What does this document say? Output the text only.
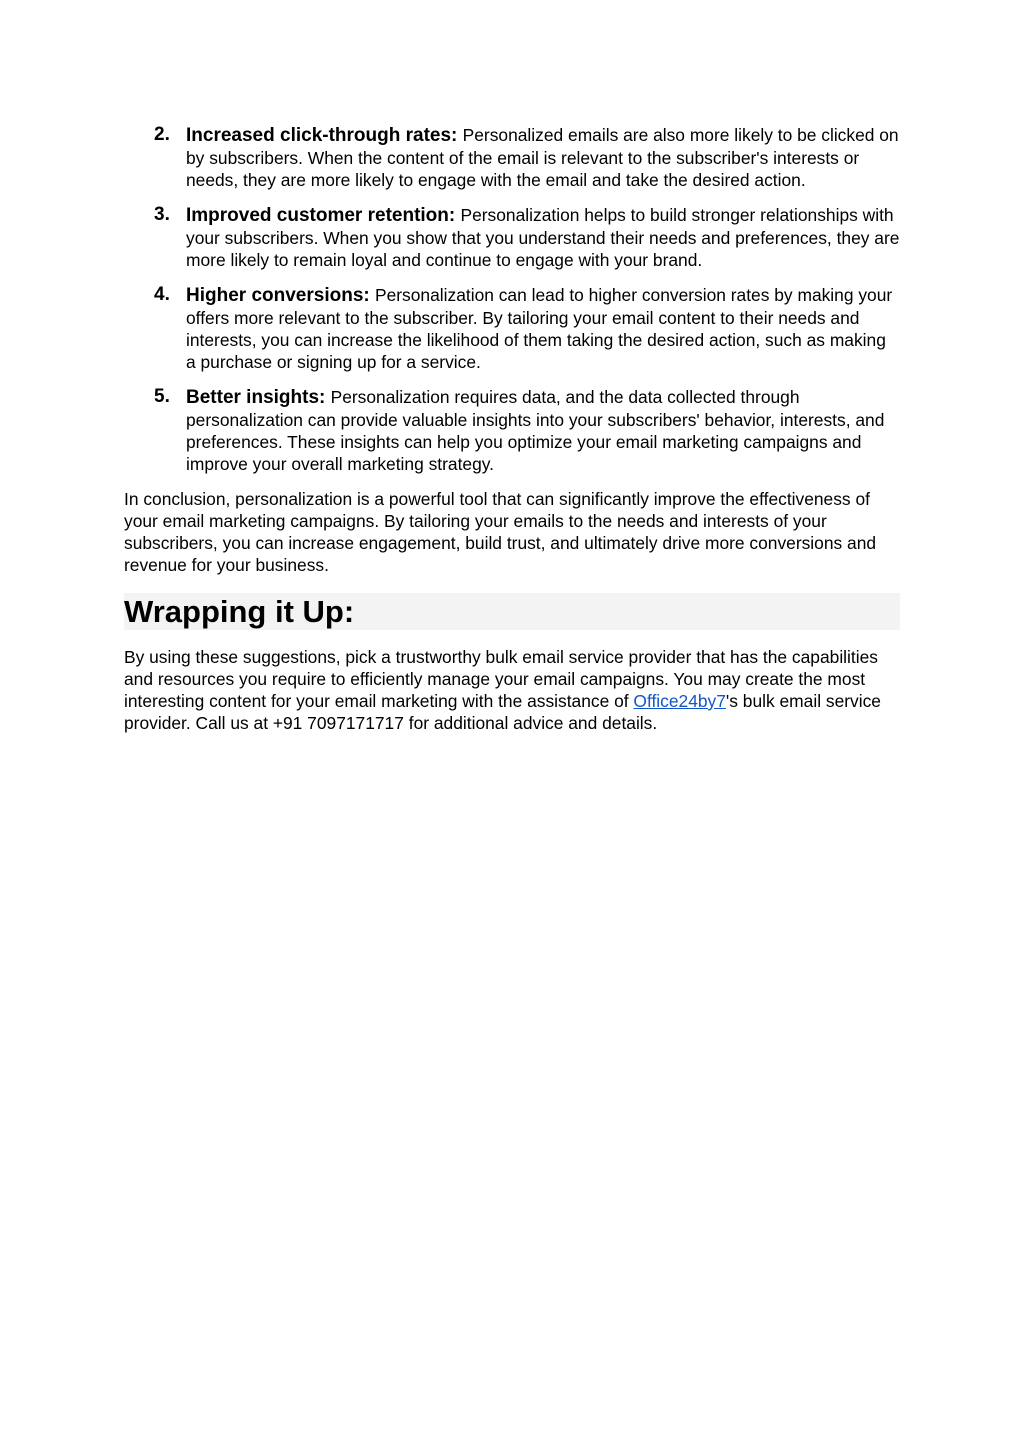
2. Increased click-through rates: Personalized emails are also more likely to be clicked on by subscribers. When the content of the email is relevant to the subscriber's interests or needs, they are more likely to engage with the email and take the desired action.
3. Improved customer retention: Personalization helps to build stronger relationships with your subscribers. When you show that you understand their needs and preferences, they are more likely to remain loyal and continue to engage with your brand.
4. Higher conversions: Personalization can lead to higher conversion rates by making your offers more relevant to the subscriber. By tailoring your email content to their needs and interests, you can increase the likelihood of them taking the desired action, such as making a purchase or signing up for a service.
5. Better insights: Personalization requires data, and the data collected through personalization can provide valuable insights into your subscribers' behavior, interests, and preferences. These insights can help you optimize your email marketing campaigns and improve your overall marketing strategy.

In conclusion, personalization is a powerful tool that can significantly improve the effectiveness of your email marketing campaigns. By tailoring your emails to the needs and interests of your subscribers, you can increase engagement, build trust, and ultimately drive more conversions and revenue for your business.

Wrapping it Up:

By using these suggestions, pick a trustworthy bulk email service provider that has the capabilities and resources you require to efficiently manage your email campaigns. You may create the most interesting content for your email marketing with the assistance of Office24by7's bulk email service provider. Call us at +91 7097171717 for additional advice and details.
